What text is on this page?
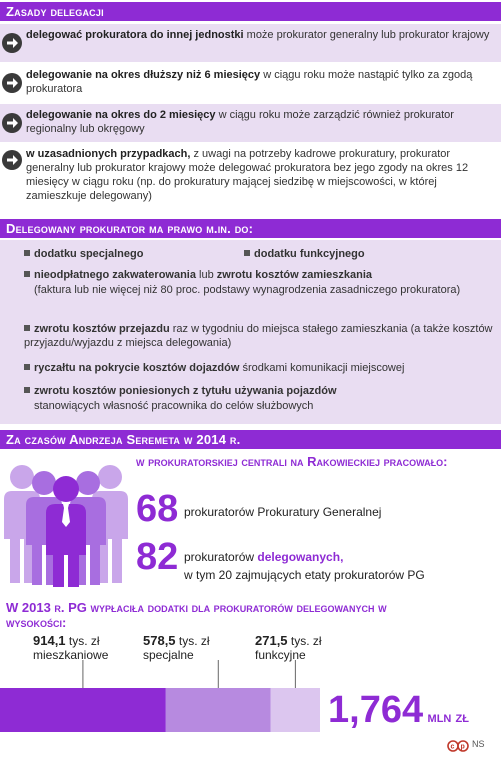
Zasady delegacji
delegować prokuratora do innej jednostki może prokurator generalny lub prokurator krajowy
delegowanie na okres dłuższy niż 6 miesięcy w ciągu roku może nastąpić tylko za zgodą prokuratora
delegowanie na okres do 2 miesięcy w ciągu roku może zarządzić również prokurator regionalny lub okręgowy
w uzasadnionych przypadkach, z uwagi na potrzeby kadrowe prokuratury, prokurator generalny lub prokurator krajowy może delegować prokuratora bez jego zgody na okres 12 miesięcy w ciągu roku (np. do prokuratury mającej siedzibę w miejscowości, w której zamieszkuje delegowany)
Delegowany prokurator ma prawo m.in. do:
dodatku specjalnego	dodatku funkcyjnego
nieodpłatnego zakwaterowania lub zwrotu kosztów zamieszkania
(faktura lub nie więcej niż 80 proc. podstawy wynagrodzenia zasadniczego prokuratora)
zwrotu kosztów przejazdu raz w tygodniu do miejsca stałego zamieszkania (a także kosztów przyjazdu/wyjazdu z miejsca delegowania)
ryczałtu na pokrycie kosztów dojazdów środkami komunikacji miejscowej
zwrotu kosztów poniesionych z tytułu używania pojazdów
stanowiących własność pracownika do celów służbowych
Za czasów Andrzeja Seremeta w 2014 r.
w prokuratorskiej centrali na Rakowieckiej pracowało:
68 prokuratorów Prokuratury Generalnej
82 prokuratorów delegowanych,
w tym 20 zajmujących etaty prokuratorów PG
W 2013 r. PG wypłaciła dodatki dla prokuratorów delegowanych w wysokości:
914,1 tys. zł
mieszkaniowe
578,5 tys. zł
specjalne
271,5 tys. zł
funkcyjne
1,764 mln zł
c p NS
